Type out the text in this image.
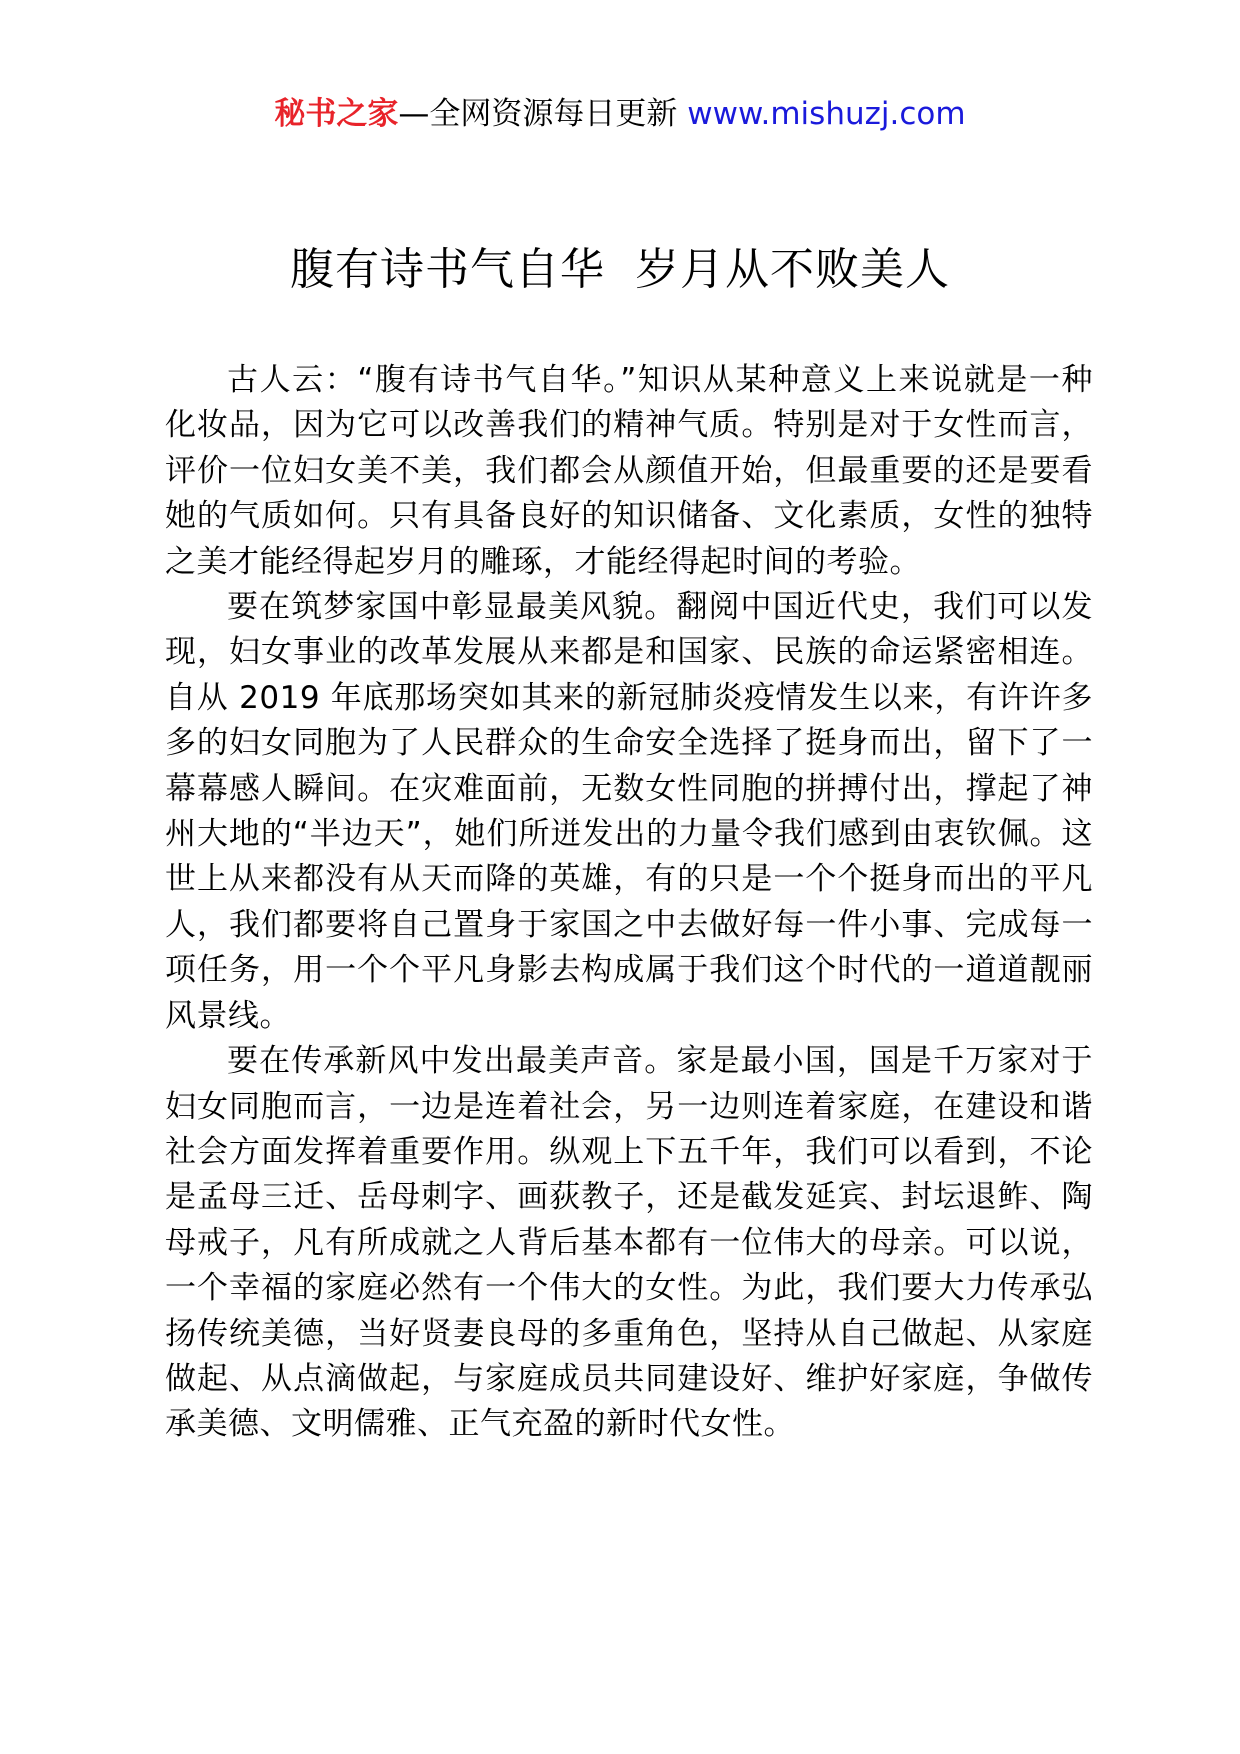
秘书之家—全网资源每日更新 www.mishuzj.com
腹有诗书气自华  岁月从不败美人

古人云：“腹有诗书气自华。”知识从某种意义上来说就是一种化妆品，因为它可以改善我们的精神气质。特别是对于女性而言，评价一位妇女美不美，我们都会从颜值开始，但最重要的还是要看她的气质如何。只有具备良好的知识储备、文化素质，女性的独特之美才能经得起岁月的雕琢，才能经得起时间的考验。

要在筑梦家国中彰显最美风貌。翻阅中国近代史，我们可以发现，妇女事业的改革发展从来都是和国家、民族的命运紧密相连。自从 2019 年底那场突如其来的新冠肺炎疫情发生以来，有许许多多的妇女同胞为了人民群众的生命安全选择了挺身而出，留下了一幕幕感人瞬间。在灾难面前，无数女性同胞的拼搏付出，撑起了神州大地的“半边天”，她们所迸发出的力量令我们感到由衷钦佩。这世上从来都没有从天而降的英雄，有的只是一个个挺身而出的平凡人，我们都要将自己置身于家国之中去做好每一件小事、完成每一项任务，用一个个平凡身影去构成属于我们这个时代的一道道靓丽风景线。

要在传承新风中发出最美声音。家是最小国，国是千万家对于妇女同胞而言，一边是连着社会，另一边则连着家庭，在建设和谐社会方面发挥着重要作用。纵观上下五千年，我们可以看到，不论是孟母三迁、岳母刺字、画荻教子，还是截发延宾、封坛退鲊、陶母戒子，凡有所成就之人背后基本都有一位伟大的母亲。可以说，一个幸福的家庭必然有一个伟大的女性。为此，我们要大力传承弘扬传统美德，当好贤妻良母的多重角色，坚持从自己做起、从家庭做起、从点滴做起，与家庭成员共同建设好、维护好家庭，争做传承美德、文明儒雅、正气充盈的新时代女性。
